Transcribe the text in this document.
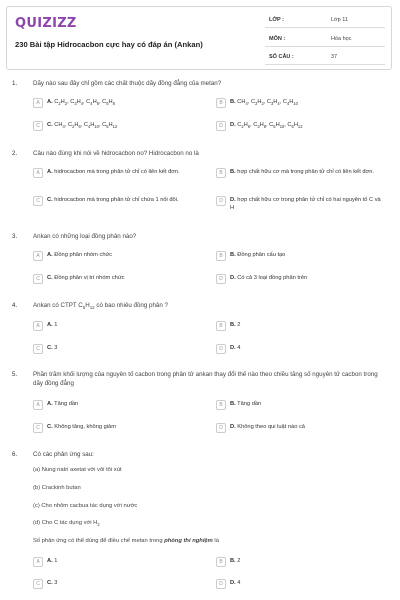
QUIZIZZ
230 Bài tập Hidrocacbon cực hay có đáp án (Ankan)
LỚP :	Lớp 11
MÔN :	Hóa học
SỐ CÂU :	37
1.	Dãy nào sau đây chỉ gồm các chất thuộc dãy đồng đẳng của metan?
A	A. $C_2H_2$, $C_3H_4$, $C_4H_6$, $C_5H_8$	B	B. $CH_4$, $C_2H_2$, $C_3H_4$, $C_4H_{10}$
C	C. $CH_4$, $C_2H_6$, $C_4H_{10}$, $C_5H_{12}$	D	D. $C_2H_6$, $C_3H_8$, $C_5H_{10}$, $C_6H_{12}$
2.	Câu nào đúng khi nói về hidrocacbon no? Hidrocacbon no là
A	A. hidrocacbon mà trong phân tử chỉ có liên kết đơn.	B	B. hợp chất hữu cơ mà trong phân tử chỉ có liên kết đơn.
C	C. hidrocacbon mà trong phân tử chỉ chứa 1 nối đôi.	D	D. hợp chất hữu cơ trong phân tử chỉ có hai nguyên tố C và H
3.	Ankan có những loại đồng phân nào?
A	A. Đồng phân nhóm chức	B	B. Đồng phân cấu tạo
C	C. Đồng phân vị trí nhóm chức	D	D. Có cả 3 loại đồng phân trên
4.	Ankan có CTPT $C_5H_{12}$ có bao nhiêu đồng phân ?
A	A. 1	B	B. 2
C	C. 3	D	D. 4
5.	Phần trăm khối lượng của nguyên tố cacbon trong phân tử ankan thay đổi thế nào theo chiều tăng số nguyên tử cacbon trong dãy đồng đẳng
A	A. Tăng dần	B	B. Tăng dần
C	C. Không tăng, không giảm	D	D. Không theo qui luật nào cả
6.	Có các phản ứng sau:
(a) Nung natri axetat với vôi tôi xút
(b) Crackinh butan
(c) Cho nhôm cacbua tác dụng với nước
(d) Cho C tác dụng với $H_2$
Số phản ứng có thể dùng để điều chế metan trong phòng thí nghiệm là
A	A. 1	B	B. 2
C	C. 3	D	D. 4
